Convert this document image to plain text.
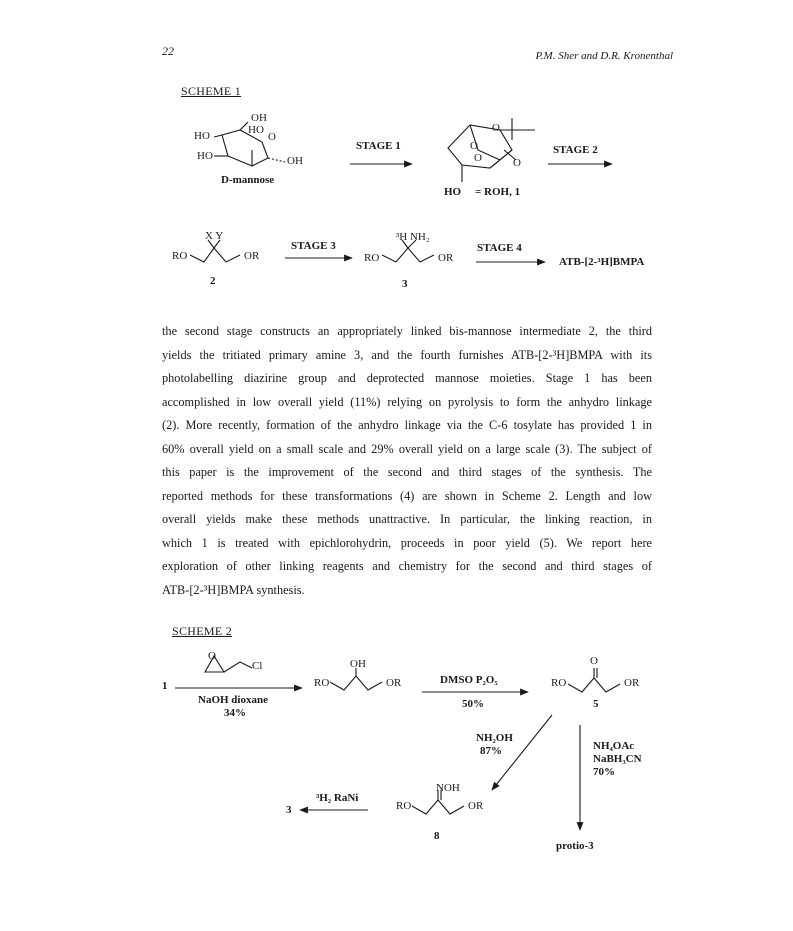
22	P.M. Sher and D.R. Kronenthal
SCHEME 1
OH
HO
O
HO
HO	OH
D-mannose
STAGE 1	STAGE 2
O
O
O	O
HO = ROH, 1
X Y
RO	OR
2
STAGE 3
³H NH₂
RO	OR
3
STAGE 4
ATB-[2-³H]BMPA
the second stage constructs an appropriately linked bis-mannose intermediate 2, the third
yields the tritiated primary amine 3, and the fourth furnishes ATB-[2-³H]BMPA with its
photolabelling diazirine group and deprotected mannose moieties. Stage 1 has been
accomplished in low overall yield (11%) relying on pyrolysis to form the anhydro linkage
(2). More recently, formation of the anhydro linkage via the C-6 tosylate has provided 1 in
60% overall yield on a small scale and 29% overall yield on a large scale (3). The subject of
this paper is the improvement of the second and third stages of the synthesis. The
reported methods for these transformations (4) are shown in Scheme 2. Length and low
overall yields make these methods unattractive. In particular, the linking reaction, in
which 1 is treated with epichlorohydrin, proceeds in poor yield (5). We report here
exploration of other linking reagents and chemistry for the second and third stages of
ATB-[2-³H]BMPA synthesis.
SCHEME 2
1
O
Cl
NaOH dioxane
34%
OH
RO	OR	DMSO P₂O₅
50%
O
RO	OR
5
NH₂OH
87%	NH₄OAc
NaBH₃CN
70%
NOH
RO	OR
8
³H₂ RaNi
3
protio-3
